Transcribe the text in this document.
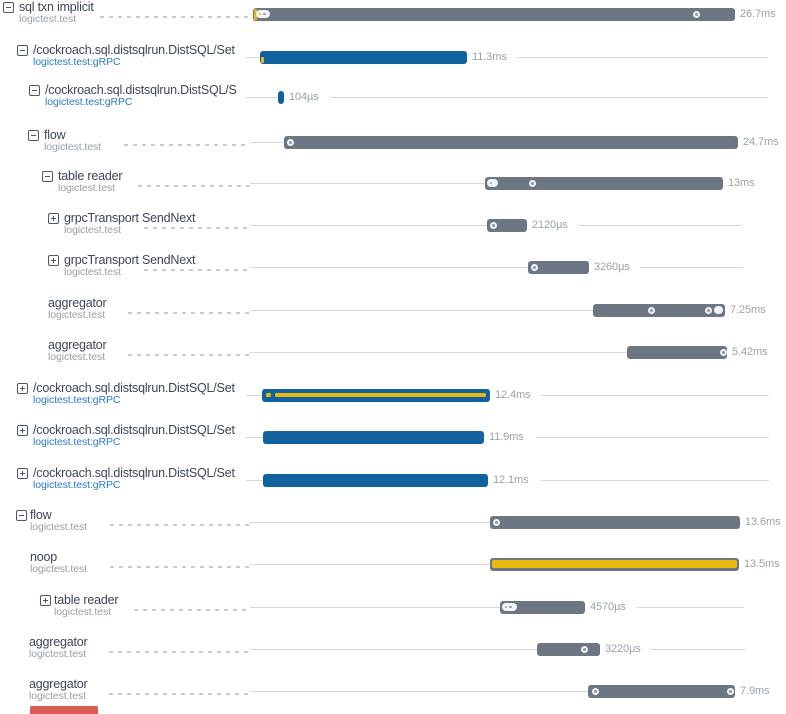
sql txn implicit
logictest.test	26.7ms
/cockroach.sql.distsqlrun.DistSQL/Set
logictest.test:gRPC	11.3ms
/cockroach.sql.distsqlrun.DistSQL/S
logictest.test:gRPC	104µs
flow
logictest.test	24.7ms
table reader
logictest.test	13ms
grpcTransport SendNext
logictest.test	2120µs
grpcTransport SendNext
logictest.test	3260µs
aggregator
logictest.test	7.25ms
aggregator
logictest.test	5.42ms
/cockroach.sql.distsqlrun.DistSQL/Set
logictest.test:gRPC	12.4ms
/cockroach.sql.distsqlrun.DistSQL/Set
logictest.test:gRPC	11.9ms
/cockroach.sql.distsqlrun.DistSQL/Set
logictest.test:gRPC	12.1ms
flow
logictest.test	13.6ms
noop
logictest.test	13.5ms
table reader
logictest.test	4570µs
aggregator
logictest.test	3220µs
aggregator
logictest.test	7.9ms
